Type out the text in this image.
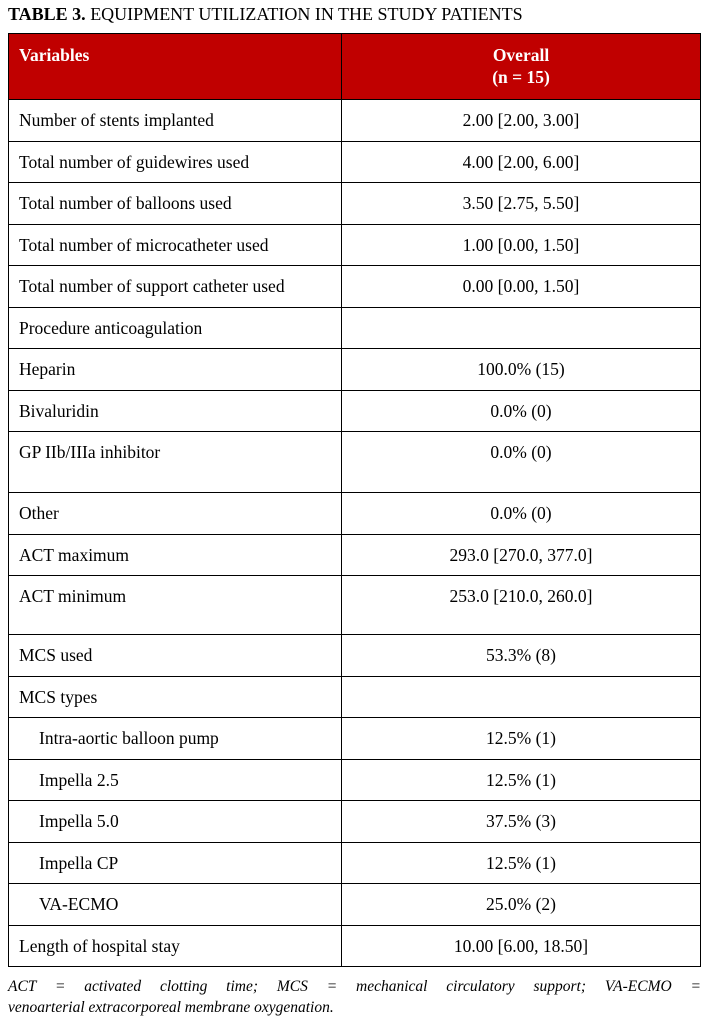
TABLE 3. EQUIPMENT UTILIZATION IN THE STUDY PATIENTS
Variables	Overall
(n = 15)
Number of stents implanted	2.00 [2.00, 3.00]
Total number of guidewires used	4.00 [2.00, 6.00]
Total number of balloons used	3.50 [2.75, 5.50]
Total number of microcatheter used	1.00 [0.00, 1.50]
Total number of support catheter used	0.00 [0.00, 1.50]
Procedure anticoagulation	
Heparin	100.0% (15)
Bivaluridin	0.0% (0)
GP IIb/IIIa inhibitor	0.0% (0)
Other	0.0% (0)
ACT maximum	293.0 [270.0, 377.0]
ACT minimum	253.0 [210.0, 260.0]
MCS used	53.3% (8)
MCS types	
Intra-aortic balloon pump	12.5% (1)
Impella 2.5	12.5% (1)
Impella 5.0	37.5% (3)
Impella CP	12.5% (1)
VA-ECMO	25.0% (2)
Length of hospital stay	10.00 [6.00, 18.50]
ACT = activated clotting time; MCS = mechanical circulatory support; VA-ECMO =
venoarterial extracorporeal membrane oxygenation.
